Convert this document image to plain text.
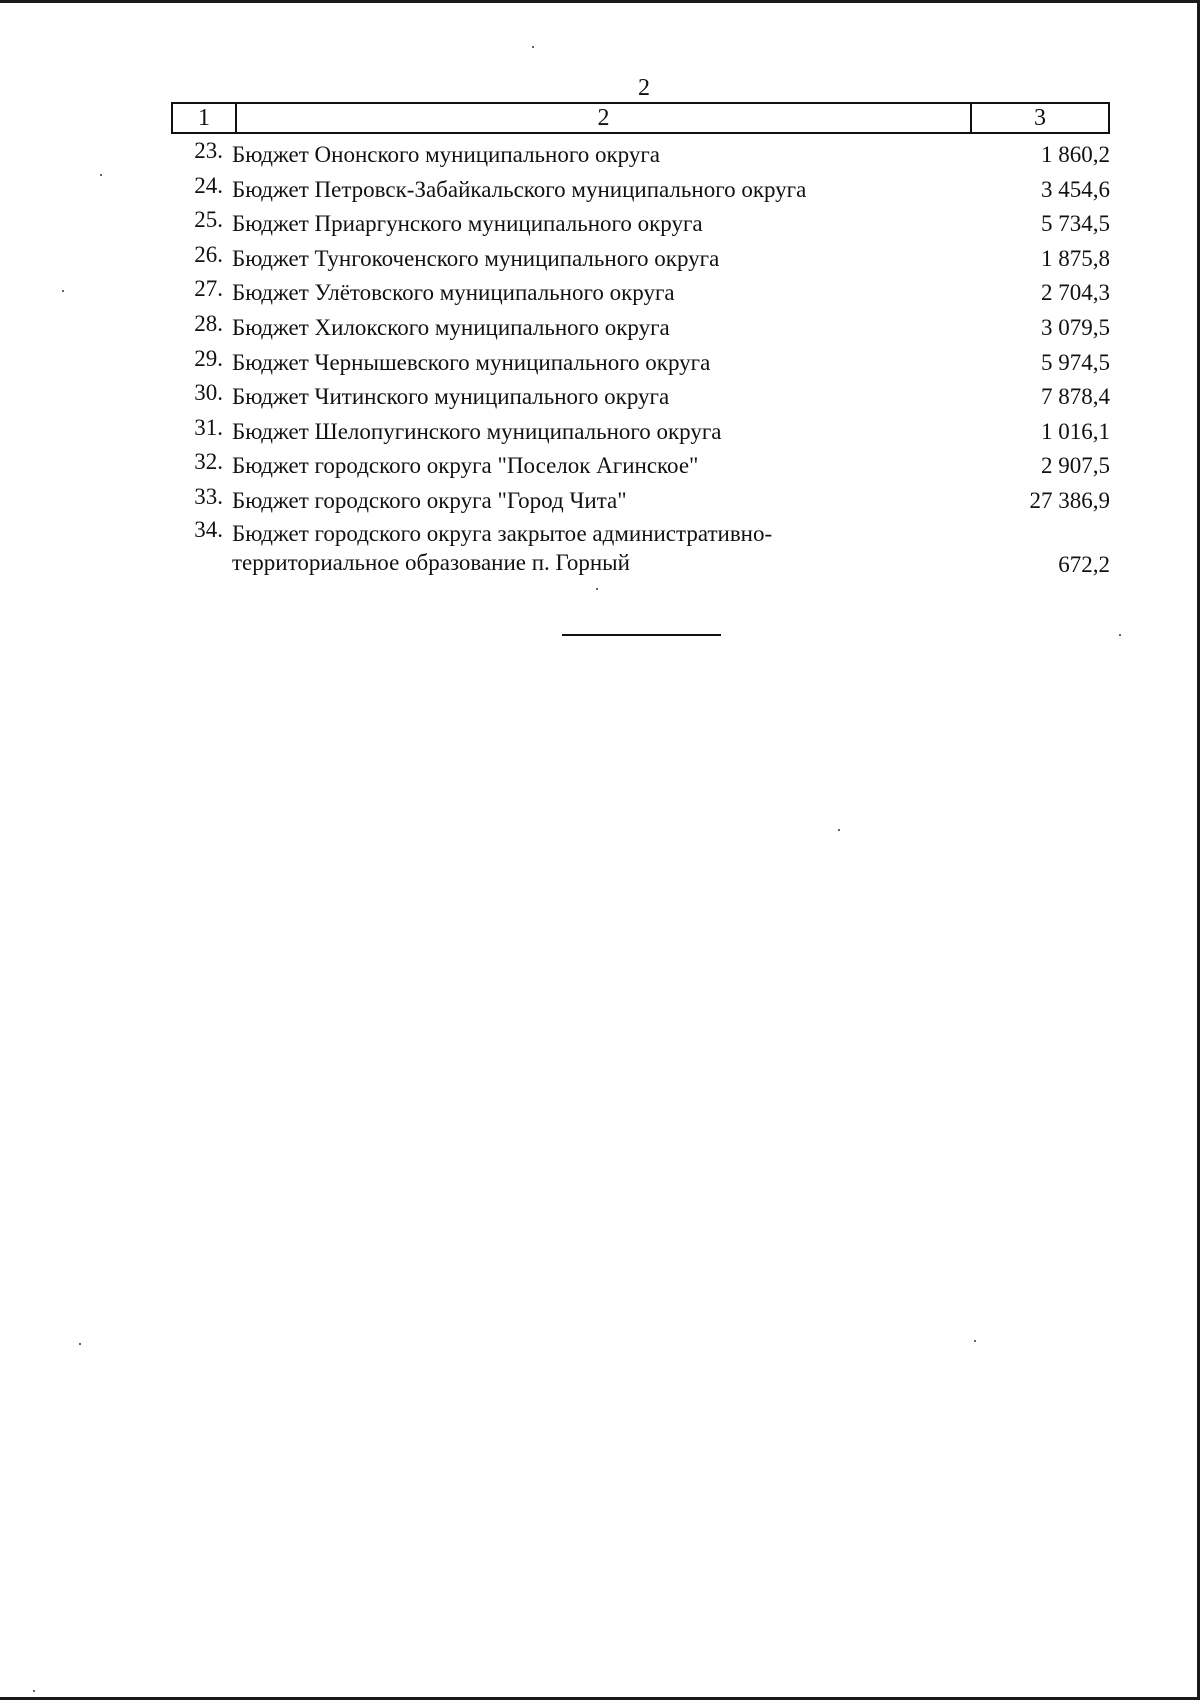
2
1	2	3
23. Бюджет Ононского муниципального округа	1 860,2
24. Бюджет Петровск-Забайкальского муниципального округа	3 454,6
25. Бюджет Приаргунского муниципального округа	5 734,5
26. Бюджет Тунгокоченского муниципального округа	1 875,8
27. Бюджет Улётовского муниципального округа	2 704,3
28. Бюджет Хилокского муниципального округа	3 079,5
29. Бюджет Чернышевского муниципального округа	5 974,5
30. Бюджет Читинского муниципального округа	7 878,4
31. Бюджет Шелопугинского муниципального округа	1 016,1
32. Бюджет городского округа "Поселок Агинское"	2 907,5
33. Бюджет городского округа "Город Чита"	27 386,9
34. Бюджет городского округа закрытое административно-
территориальное образование п. Горный	672,2
